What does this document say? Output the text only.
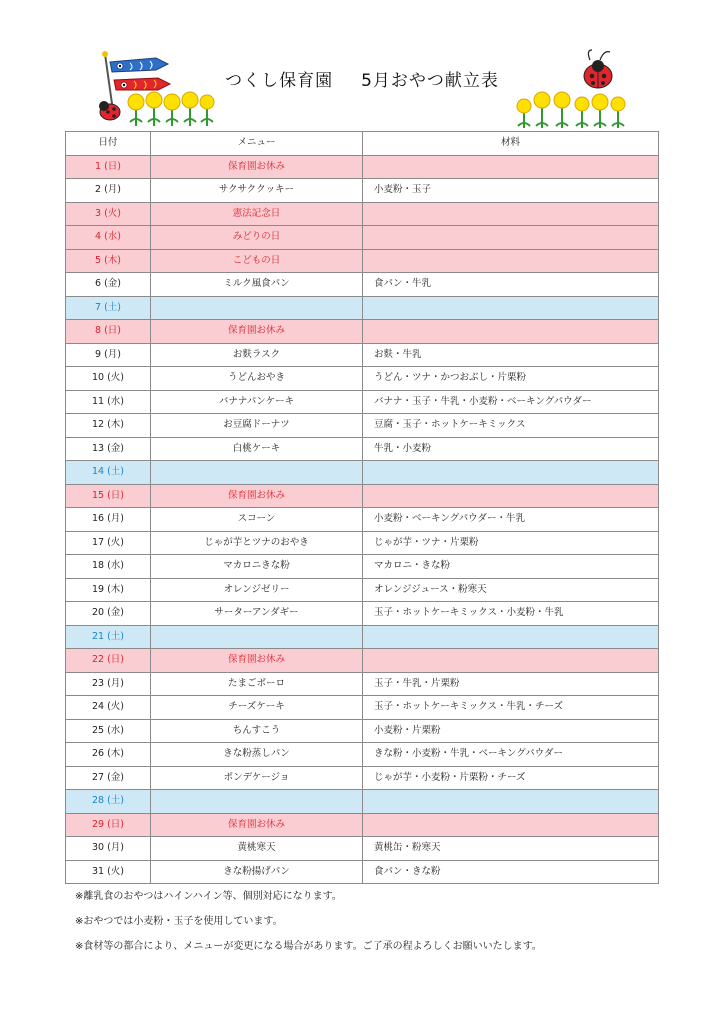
つくし保育園 5月おやつ献立表
日付	メニュー	材料
1 (日)	保育園お休み	
2 (月)	サクサククッキー	小麦粉・玉子
3 (火)	憲法記念日	
4 (水)	みどりの日	
5 (木)	こどもの日	
6 (金)	ミルク風食パン	食パン・牛乳
7 (土)		
8 (日)	保育園お休み	
9 (月)	お麩ラスク	お麩・牛乳
10 (火)	うどんおやき	うどん・ツナ・かつおぶし・片栗粉
11 (水)	バナナパンケーキ	バナナ・玉子・牛乳・小麦粉・ベーキングパウダー
12 (木)	お豆腐ドーナツ	豆腐・玉子・ホットケーキミックス
13 (金)	白桃ケーキ	牛乳・小麦粉
14 (土)		
15 (日)	保育園お休み	
16 (月)	スコーン	小麦粉・ベーキングパウダー・牛乳
17 (火)	じゃが芋とツナのおやき	じゃが芋・ツナ・片栗粉
18 (水)	マカロニきな粉	マカロニ・きな粉
19 (木)	オレンジゼリー	オレンジジュース・粉寒天
20 (金)	サーターアンダギー	玉子・ホットケーキミックス・小麦粉・牛乳
21 (土)		
22 (日)	保育園お休み	
23 (月)	たまごボーロ	玉子・牛乳・片栗粉
24 (火)	チーズケーキ	玉子・ホットケーキミックス・牛乳・チーズ
25 (水)	ちんすこう	小麦粉・片栗粉
26 (木)	きな粉蒸しパン	きな粉・小麦粉・牛乳・ベーキングパウダー
27 (金)	ポンデケージョ	じゃが芋・小麦粉・片栗粉・チーズ
28 (土)		
29 (日)	保育園お休み	
30 (月)	黄桃寒天	黄桃缶・粉寒天
31 (火)	きな粉揚げパン	食パン・きな粉

※離乳食のおやつはハインハイン等、個別対応になります。

※おやつでは小麦粉・玉子を使用しています。

※食材等の都合により、メニューが変更になる場合があります。ご了承の程よろしくお願いいたします。
